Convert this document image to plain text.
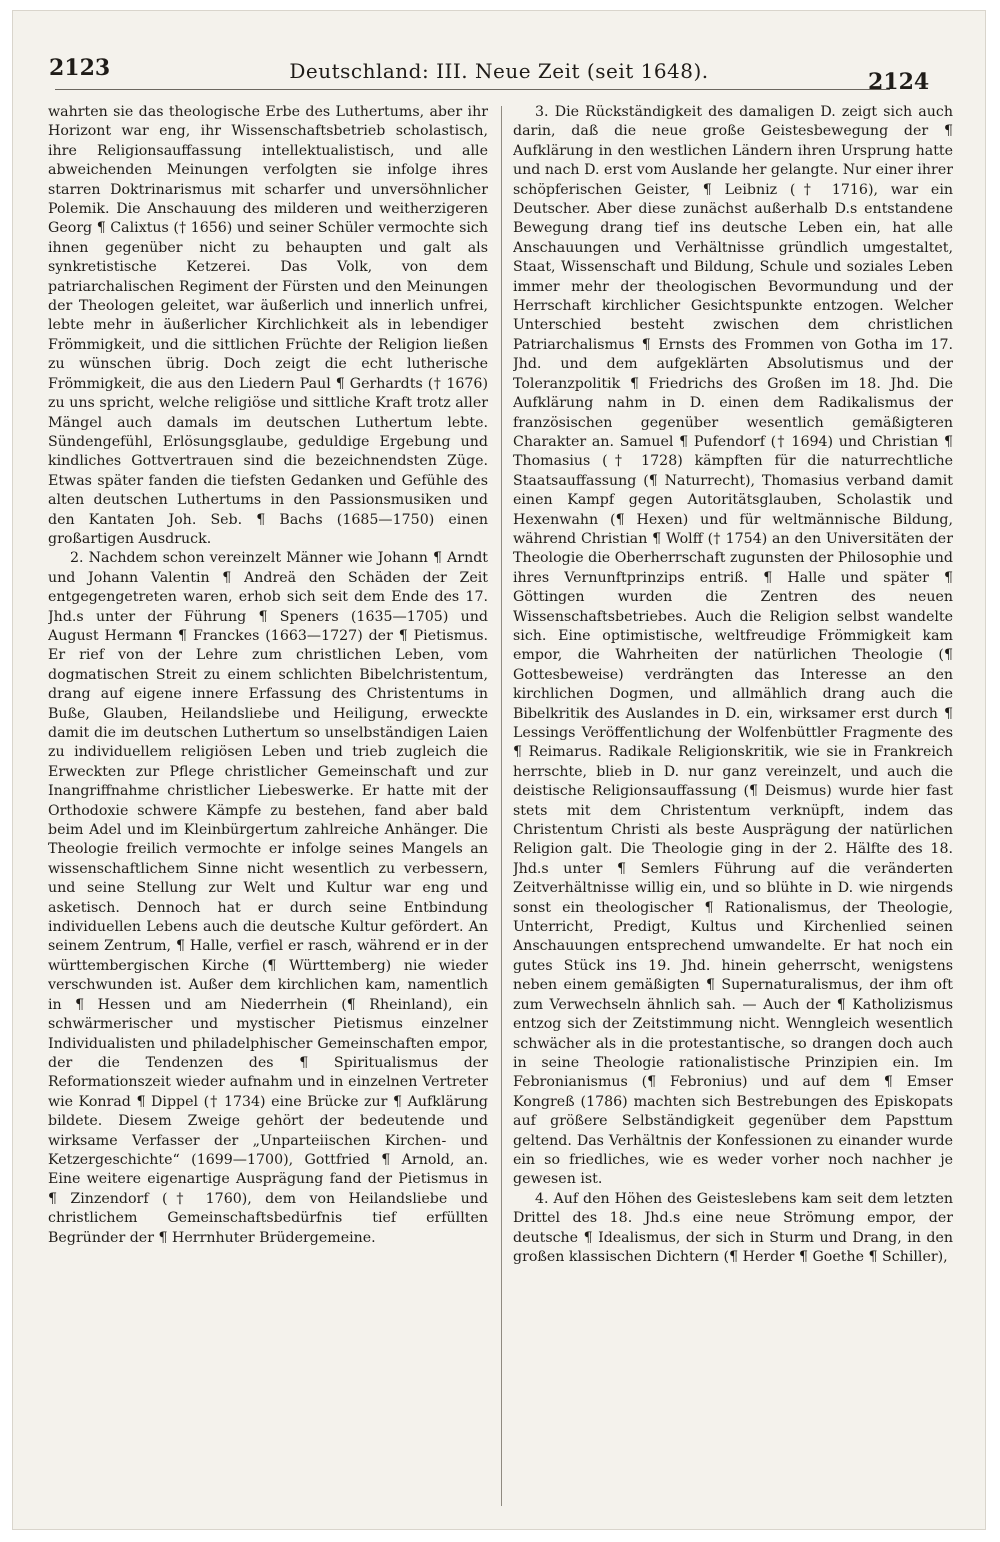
2123	Deutschland: III. Neue Zeit (seit 1648).	2124

wahrten sie das theologische Erbe des Luthertums, aber ihr Horizont war eng, ihr Wissenschaftsbetrieb scholastisch, ihre Religionsauffassung intellektualistisch, und alle abweichenden Meinungen verfolgten sie infolge ihres starren Doktrinarismus mit scharfer und unversöhnlicher Polemik. Die Anschauung des milderen und weitherzigeren Georg ¶ Calixtus († 1656) und seiner Schüler vermochte sich ihnen gegenüber nicht zu behaupten und galt als synkretistische Ketzerei. Das Volk, von dem patriarchalischen Regiment der Fürsten und den Meinungen der Theologen geleitet, war äußerlich und innerlich unfrei, lebte mehr in äußerlicher Kirchlichkeit als in lebendiger Frömmigkeit, und die sittlichen Früchte der Religion ließen zu wünschen übrig. Doch zeigt die echt lutherische Frömmigkeit, die aus den Liedern Paul ¶ Gerhardts († 1676) zu uns spricht, welche religiöse und sittliche Kraft trotz aller Mängel auch damals im deutschen Luthertum lebte. Sündengefühl, Erlösungsglaube, geduldige Ergebung und kindliches Gottvertrauen sind die bezeichnendsten Züge. Etwas später fanden die tiefsten Gedanken und Gefühle des alten deutschen Luthertums in den Passionsmusiken und den Kantaten Joh. Seb. ¶ Bachs (1685—1750) einen großartigen Ausdruck.

2. Nachdem schon vereinzelt Männer wie Johann ¶ Arndt und Johann Valentin ¶ Andreä den Schäden der Zeit entgegengetreten waren, erhob sich seit dem Ende des 17. Jhd.s unter der Führung ¶ Speners (1635—1705) und August Hermann ¶ Franckes (1663—1727) der ¶ Pietismus. Er rief von der Lehre zum christlichen Leben, vom dogmatischen Streit zu einem schlichten Bibelchristentum, drang auf eigene innere Erfassung des Christentums in Buße, Glauben, Heilandsliebe und Heiligung, erweckte damit die im deutschen Luthertum so unselbständigen Laien zu individuellem religiösen Leben und trieb zugleich die Erweckten zur Pflege christlicher Gemeinschaft und zur Inangriffnahme christlicher Liebeswerke. Er hatte mit der Orthodoxie schwere Kämpfe zu bestehen, fand aber bald beim Adel und im Kleinbürgertum zahlreiche Anhänger. Die Theologie freilich vermochte er infolge seines Mangels an wissenschaftlichem Sinne nicht wesentlich zu verbessern, und seine Stellung zur Welt und Kultur war eng und asketisch. Dennoch hat er durch seine Entbindung individuellen Lebens auch die deutsche Kultur gefördert. An seinem Zentrum, ¶ Halle, verfiel er rasch, während er in der württembergischen Kirche (¶ Württemberg) nie wieder verschwunden ist. Außer dem kirchlichen kam, namentlich in ¶ Hessen und am Niederrhein (¶ Rheinland), ein schwärmerischer und mystischer Pietismus einzelner Individualisten und philadelphischer Gemeinschaften empor, der die Tendenzen des ¶ Spiritualismus der Reformationszeit wieder aufnahm und in einzelnen Vertreter wie Konrad ¶ Dippel († 1734) eine Brücke zur ¶ Aufklärung bildete. Diesem Zweige gehört der bedeutende und wirksame Verfasser der „Unparteiischen Kirchen- und Ketzergeschichte“ (1699—1700), Gottfried ¶ Arnold, an. Eine weitere eigenartige Ausprägung fand der Pietismus in ¶ Zinzendorf († 1760), dem von Heilandsliebe und christlichem Gemeinschaftsbedürfnis tief erfüllten Begründer der ¶ Herrnhuter Brüdergemeine.

3. Die Rückständigkeit des damaligen D. zeigt sich auch darin, daß die neue große Geistesbewegung der ¶ Aufklärung in den westlichen Ländern ihren Ursprung hatte und nach D. erst vom Auslande her gelangte. Nur einer ihrer schöpferischen Geister, ¶ Leibniz († 1716), war ein Deutscher. Aber diese zunächst außerhalb D.s entstandene Bewegung drang tief ins deutsche Leben ein, hat alle Anschauungen und Verhältnisse gründlich umgestaltet, Staat, Wissenschaft und Bildung, Schule und soziales Leben immer mehr der theologischen Bevormundung und der Herrschaft kirchlicher Gesichtspunkte entzogen. Welcher Unterschied besteht zwischen dem christlichen Patriarchalismus ¶ Ernsts des Frommen von Gotha im 17. Jhd. und dem aufgeklärten Absolutismus und der Toleranzpolitik ¶ Friedrichs des Großen im 18. Jhd. Die Aufklärung nahm in D. einen dem Radikalismus der französischen gegenüber wesentlich gemäßigteren Charakter an. Samuel ¶ Pufendorf († 1694) und Christian ¶ Thomasius († 1728) kämpften für die naturrechtliche Staatsauffassung (¶ Naturrecht), Thomasius verband damit einen Kampf gegen Autoritätsglauben, Scholastik und Hexenwahn (¶ Hexen) und für weltmännische Bildung, während Christian ¶ Wolff († 1754) an den Universitäten der Theologie die Oberherrschaft zugunsten der Philosophie und ihres Vernunftprinzips entriß. ¶ Halle und später ¶ Göttingen wurden die Zentren des neuen Wissenschaftsbetriebes. Auch die Religion selbst wandelte sich. Eine optimistische, weltfreudige Frömmigkeit kam empor, die Wahrheiten der natürlichen Theologie (¶ Gottesbeweise) verdrängten das Interesse an den kirchlichen Dogmen, und allmählich drang auch die Bibelkritik des Auslandes in D. ein, wirksamer erst durch ¶ Lessings Veröffentlichung der Wolfenbüttler Fragmente des ¶ Reimarus. Radikale Religionskritik, wie sie in Frankreich herrschte, blieb in D. nur ganz vereinzelt, und auch die deistische Religionsauffassung (¶ Deismus) wurde hier fast stets mit dem Christentum verknüpft, indem das Christentum Christi als beste Ausprägung der natürlichen Religion galt. Die Theologie ging in der 2. Hälfte des 18. Jhd.s unter ¶ Semlers Führung auf die veränderten Zeitverhältnisse willig ein, und so blühte in D. wie nirgends sonst ein theologischer ¶ Rationalismus, der Theologie, Unterricht, Predigt, Kultus und Kirchenlied seinen Anschauungen entsprechend umwandelte. Er hat noch ein gutes Stück ins 19. Jhd. hinein geherrscht, wenigstens neben einem gemäßigten ¶ Supernaturalismus, der ihm oft zum Verwechseln ähnlich sah. — Auch der ¶ Katholizismus entzog sich der Zeitstimmung nicht. Wenngleich wesentlich schwächer als in die protestantische, so drangen doch auch in seine Theologie rationalistische Prinzipien ein. Im Febronianismus (¶ Febronius) und auf dem ¶ Emser Kongreß (1786) machten sich Bestrebungen des Episkopats auf größere Selbständigkeit gegenüber dem Papsttum geltend. Das Verhältnis der Konfessionen zu einander wurde ein so friedliches, wie es weder vorher noch nachher je gewesen ist.

4. Auf den Höhen des Geisteslebens kam seit dem letzten Drittel des 18. Jhd.s eine neue Strömung empor, der deutsche ¶ Idealismus, der sich in Sturm und Drang, in den großen klassischen Dichtern (¶ Herder ¶ Goethe ¶ Schiller),
